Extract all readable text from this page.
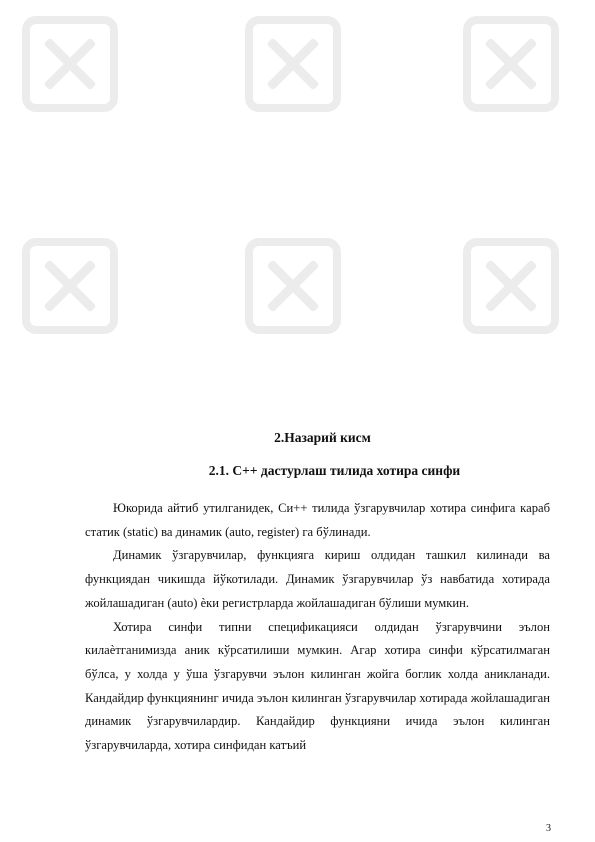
2.Назарий кисм
2.1. C++ дастурлаш тилида хотира синфи

Юкорида айтиб утилганидек, Си++ тилида ўзгарувчилар хотира синфига караб статик (static) ва динамик (auto, register) га бўлинади.

Динамик ўзгарувчилар, функцияга кириш олдидан ташкил килинади ва функциядан чикишда йўкотилади. Динамик ўзгарувчилар ўз навбатида хотирада жойлашадиган (auto) ѐки регистрларда жойлашадиган бўлиши мумкин.

Хотира синфи типни спецификацияси олдидан ўзгарувчини эълон килаѐтганимизда аник кўрсатилиши мумкин. Агар хотира синфи кўрсатилмаган бўлса, у холда у ўша ўзгарувчи эълон килинган жойга боглик холда аникланади. Кандайдир функциянинг ичида эълон килинган ўзгарувчилар хотирада жойлашадиган динамик ўзгарувчилардир. Кандайдир функцияни ичида эълон килинган ўзгарувчиларда, хотира синфидан катъий

3
